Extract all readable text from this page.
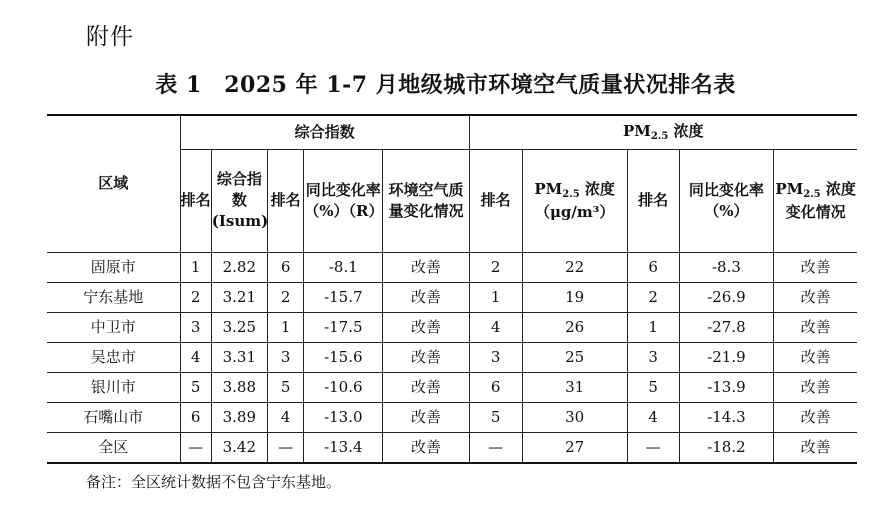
附件
表 1　2025 年 1-7 月地级城市环境空气质量状况排名表
区域	综合指数					$PM_{2.5}$ 浓度				
	排名	综合指数(Isum)	排名	同比变化率（%）（R）	环境空气质量变化情况	排名	$PM_{2.5}$ 浓度（μg/m³）	排名	同比变化率（%）	$PM_{2.5}$ 浓度变化情况
固原市	1	2.82	6	-8.1	改善	2	22	6	-8.3	改善
宁东基地	2	3.21	2	-15.7	改善	1	19	2	-26.9	改善
中卫市	3	3.25	1	-17.5	改善	4	26	1	-27.8	改善
吴忠市	4	3.31	3	-15.6	改善	3	25	3	-21.9	改善
银川市	5	3.88	5	-10.6	改善	6	31	5	-13.9	改善
石嘴山市	6	3.89	4	-13.0	改善	5	30	4	-14.3	改善
全区	—	3.42	—	-13.4	改善	—	27	—	-18.2	改善
备注：全区统计数据不包含宁东基地。
